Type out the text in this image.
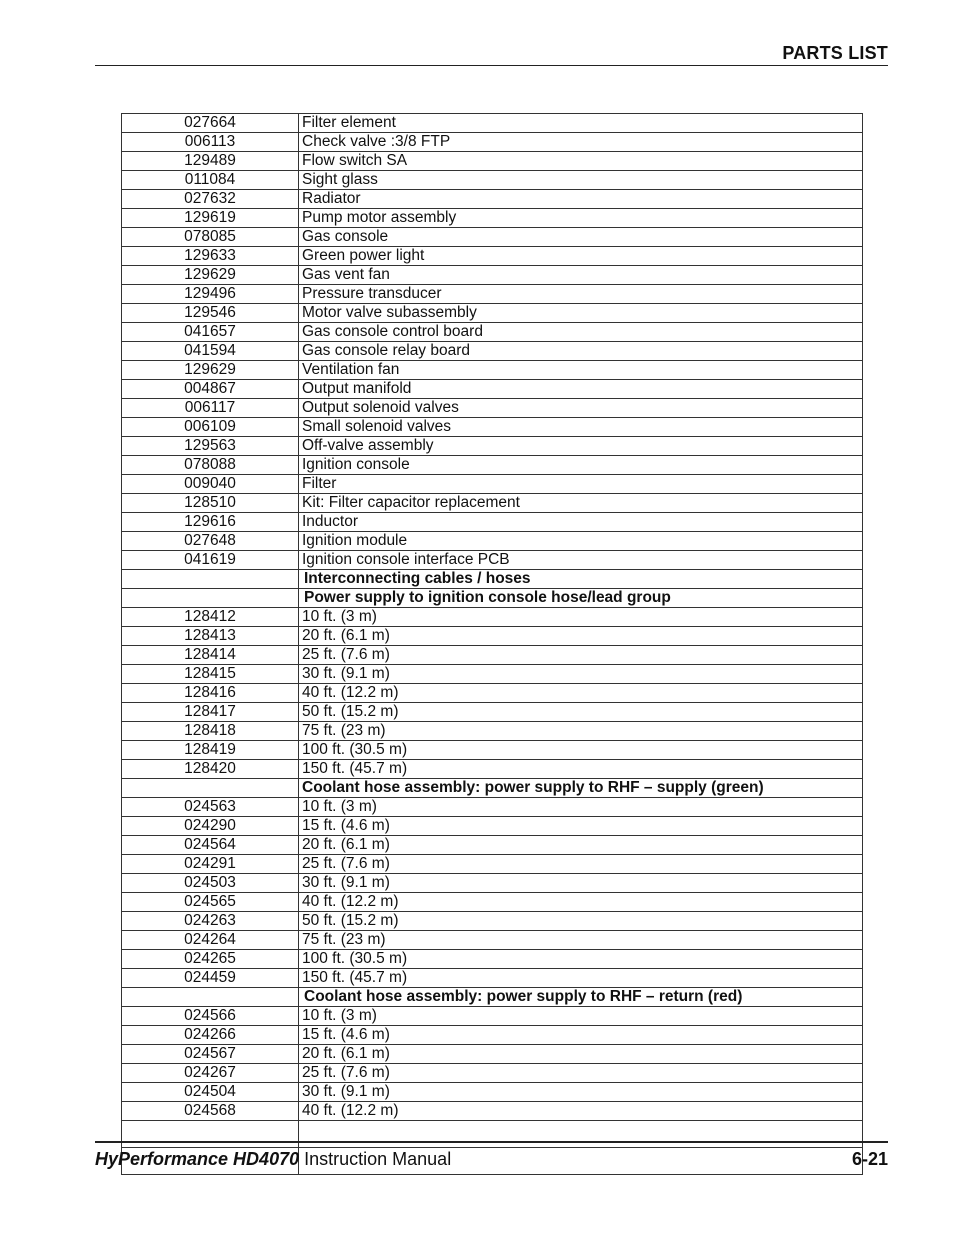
PARTS LIST
027664	Filter element
006113	Check valve :3/8 FTP
129489	Flow switch SA
011084	Sight glass
027632	Radiator
129619	Pump motor assembly
078085	Gas console
129633	Green power light
129629	Gas vent fan
129496	Pressure transducer
129546	Motor valve subassembly
041657	Gas console control board
041594	Gas console relay board
129629	Ventilation fan
004867	Output manifold
006117	Output solenoid valves
006109	Small solenoid valves
129563	Off-valve assembly
078088	Ignition console
009040	Filter
128510	Kit: Filter capacitor replacement
129616	Inductor
027648	Ignition module
041619	Ignition console interface PCB
	Interconnecting cables / hoses
	Power supply to ignition console hose/lead group
128412	10 ft. (3 m)
128413	20 ft. (6.1 m)
128414	25 ft. (7.6 m)
128415	30 ft. (9.1 m)
128416	40 ft. (12.2 m)
128417	50 ft. (15.2 m)
128418	75 ft. (23 m)
128419	100 ft. (30.5 m)
128420	150 ft. (45.7 m)
	Coolant hose assembly: power supply to RHF – supply (green)
024563	10 ft. (3 m)
024290	15 ft. (4.6 m)
024564	20 ft. (6.1 m)
024291	25 ft. (7.6 m)
024503	30 ft. (9.1 m)
024565	40 ft. (12.2 m)
024263	50 ft. (15.2 m)
024264	75 ft. (23 m)
024265	100 ft. (30.5 m)
024459	150 ft. (45.7 m)
	Coolant hose assembly: power supply to RHF – return (red)
024566	10 ft. (3 m)
024266	15 ft. (4.6 m)
024567	20 ft. (6.1 m)
024267	25 ft. (7.6 m)
024504	30 ft. (9.1 m)
024568	40 ft. (12.2 m)

HyPerformance HD4070 Instruction Manual	6-21
